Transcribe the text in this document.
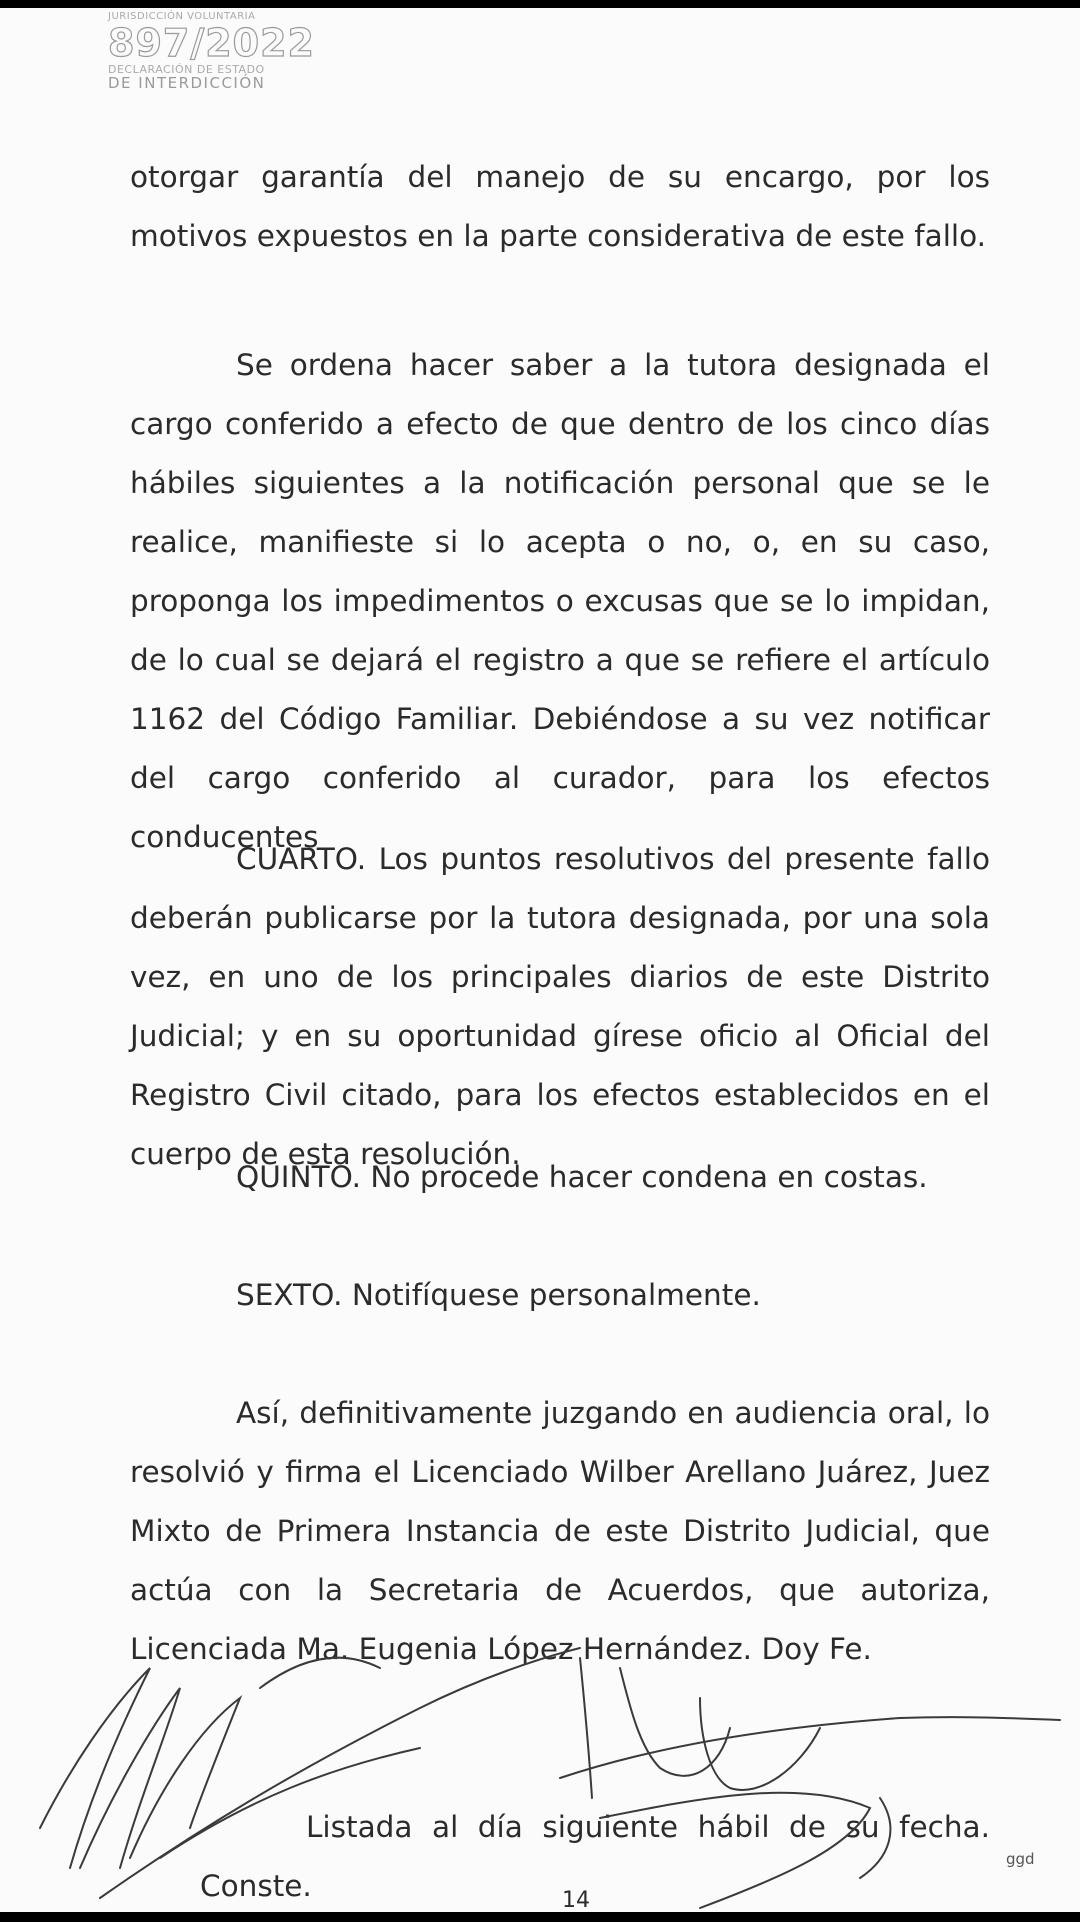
JURISDICCIÓN VOLUNTARIA
897/2022
DECLARACIÓN DE ESTADO
DE INTERDICCIÓN

otorgar garantía del manejo de su encargo, por los motivos expuestos en la parte considerativa de este fallo.

Se ordena hacer saber a la tutora designada el cargo conferido a efecto de que dentro de los cinco días hábiles siguientes a la notificación personal que se le realice, manifieste si lo acepta o no, o, en su caso, proponga los impedimentos o excusas que se lo impidan, de lo cual se dejará el registro a que se refiere el artículo 1162 del Código Familiar. Debiéndose a su vez notificar del cargo conferido al curador, para los efectos conducentes

CUARTO. Los puntos resolutivos del presente fallo deberán publicarse por la tutora designada, por una sola vez, en uno de los principales diarios de este Distrito Judicial; y en su oportunidad gírese oficio al Oficial del Registro Civil citado, para los efectos establecidos en el cuerpo de esta resolución.

QUINTO. No procede hacer condena en costas.

SEXTO. Notifíquese personalmente.

Así, definitivamente juzgando en audiencia oral, lo resolvió y firma el Licenciado Wilber Arellano Juárez, Juez Mixto de Primera Instancia de este Distrito Judicial, que actúa con la Secretaria de Acuerdos, que autoriza, Licenciada Ma. Eugenia López Hernández. Doy Fe.

Listada al día siguiente hábil de su fecha. Conste.

ggd
14
